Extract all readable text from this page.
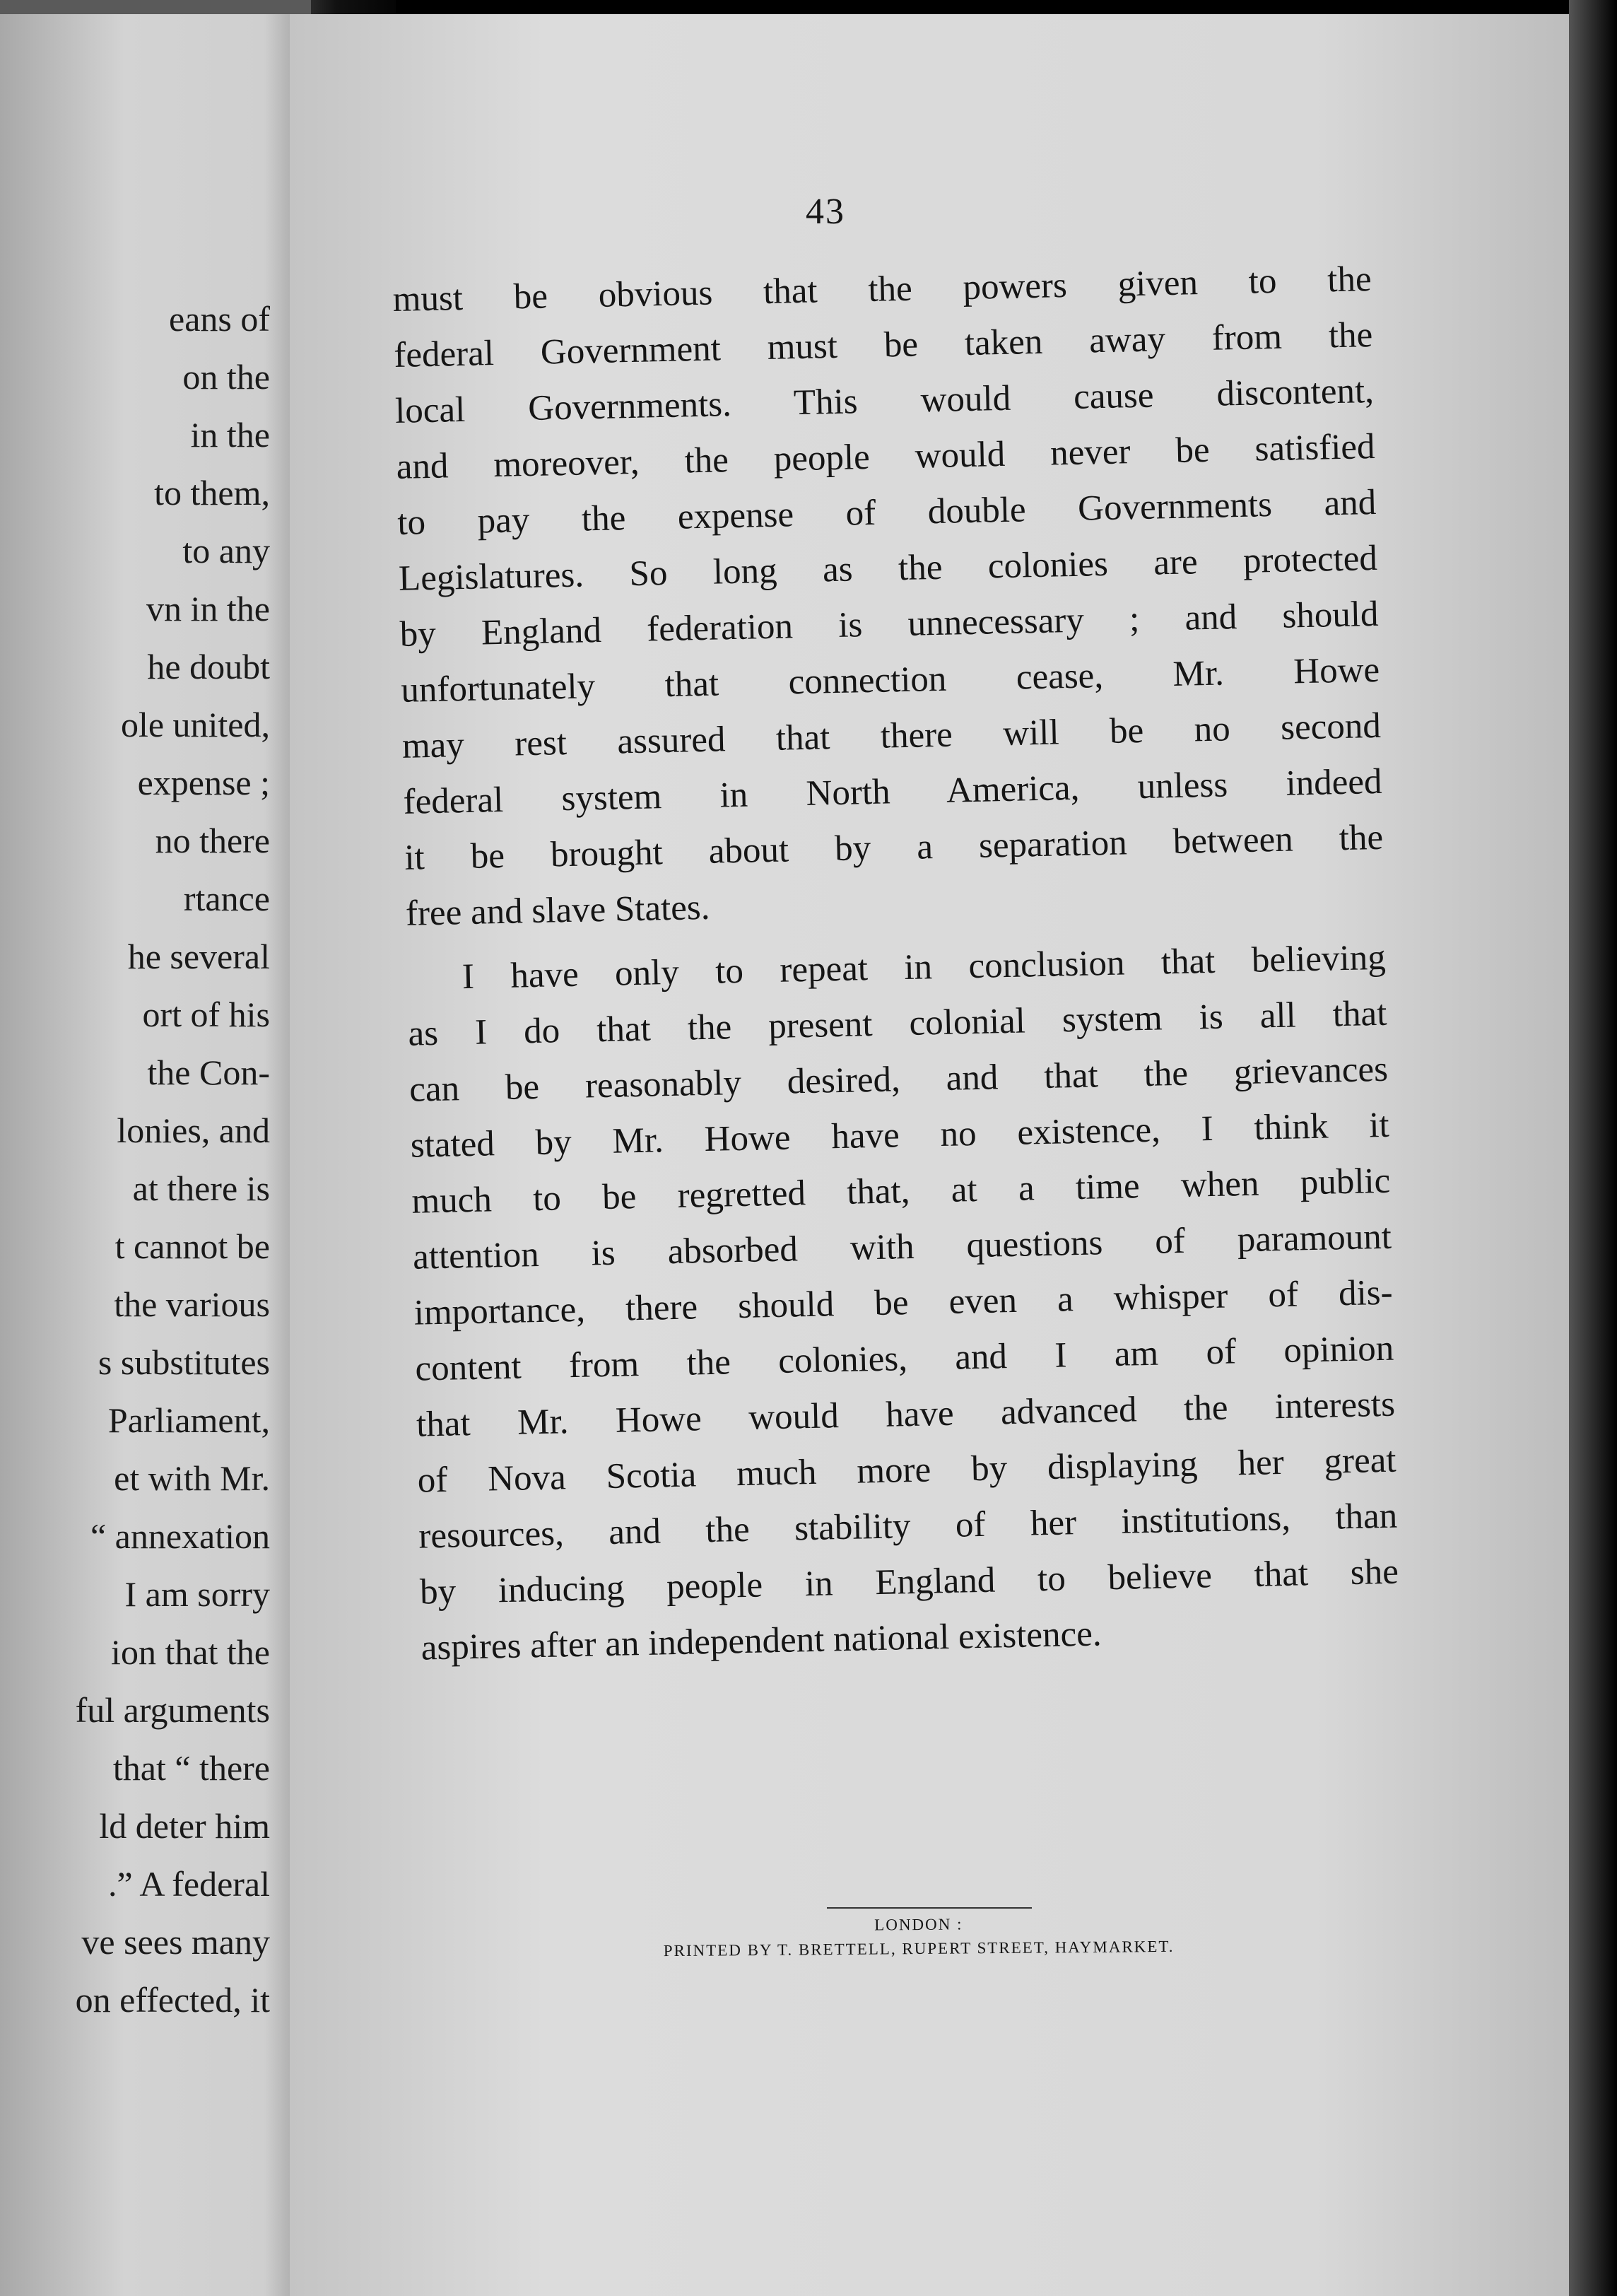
eans of
on the
in the
to them,
to any
vn in the
he doubt
ole united,
expense ;
no there
rtance
he several
ort of his
the Con-
lonies, and
at there is
t cannot be
the various
s substitutes
Parliament,
et with Mr.
“ annexation
I am sorry
ion that the
ful arguments
that “ there
ld deter him
.” A federal
ve sees many
on effected, it
43
must be obvious that the powers given to the
federal Government must be taken away from the
local Governments. This would cause discontent,
and moreover, the people would never be satisfied
to pay the expense of double Governments and
Legislatures. So long as the colonies are protected
by England federation is unnecessary ; and should
unfortunately that connection cease, Mr. Howe
may rest assured that there will be no second
federal system in North America, unless indeed
it be brought about by a separation between the
free and slave States.
I have only to repeat in conclusion that believing
as I do that the present colonial system is all that
can be reasonably desired, and that the grievances
stated by Mr. Howe have no existence, I think it
much to be regretted that, at a time when public
attention is absorbed with questions of paramount
importance, there should be even a whisper of dis-
content from the colonies, and I am of opinion
that Mr. Howe would have advanced the interests
of Nova Scotia much more by displaying her great
resources, and the stability of her institutions, than
by inducing people in England to believe that she
aspires after an independent national existence.
LONDON :
PRINTED BY T. BRETTELL, RUPERT STREET, HAYMARKET.
